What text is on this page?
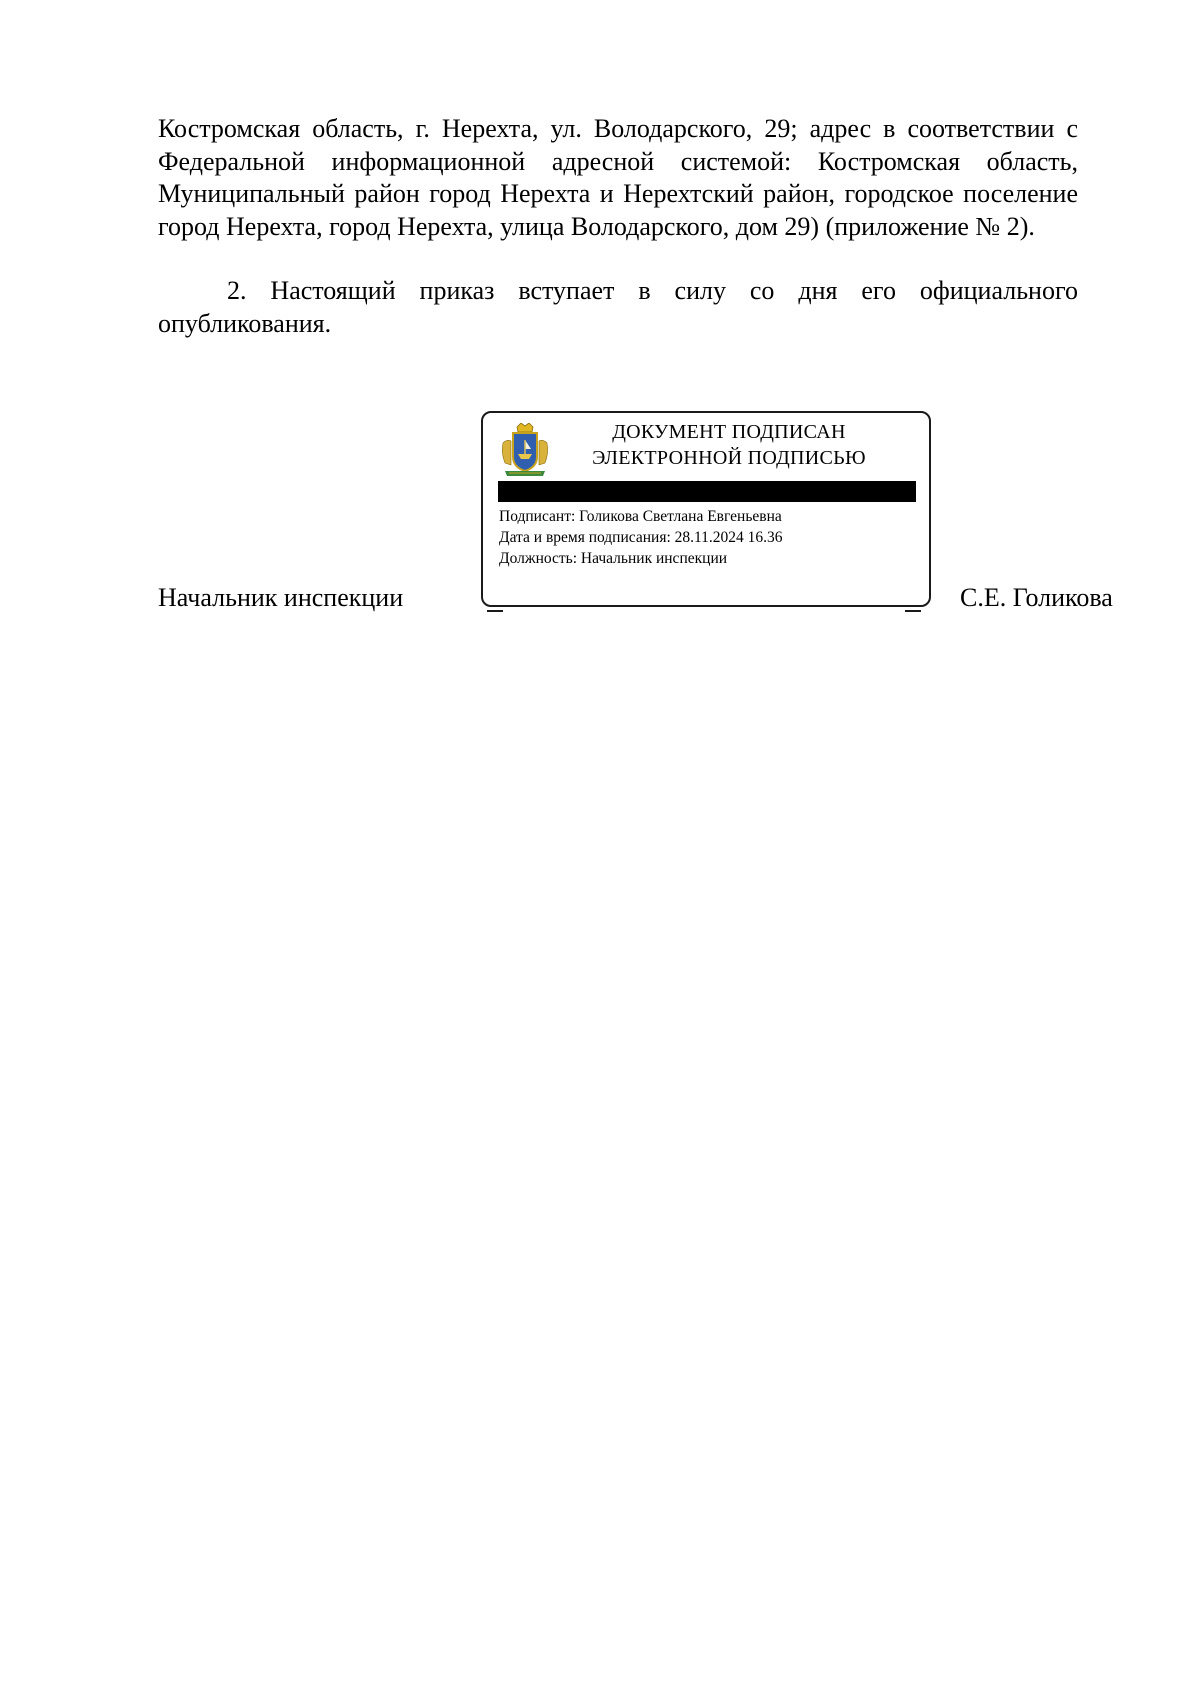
Костромская область, г. Нерехта, ул. Володарского, 29; адрес в соответствии с Федеральной информационной адресной системой: Костромская область, Муниципальный район город Нерехта и Нерехтский район, городское поселение город Нерехта, город Нерехта, улица Володарского, дом 29) (приложение № 2).

2. Настоящий приказ вступает в силу со дня его официального опубликования.

Начальник инспекции
ДОКУМЕНТ ПОДПИСАН
ЭЛЕКТРОННОЙ ПОДПИСЬЮ
Подписант: Голикова Светлана Евгеньевна
Дата и время подписания: 28.11.2024 16.36
Должность: Начальник инспекции
С.Е. Голикова
